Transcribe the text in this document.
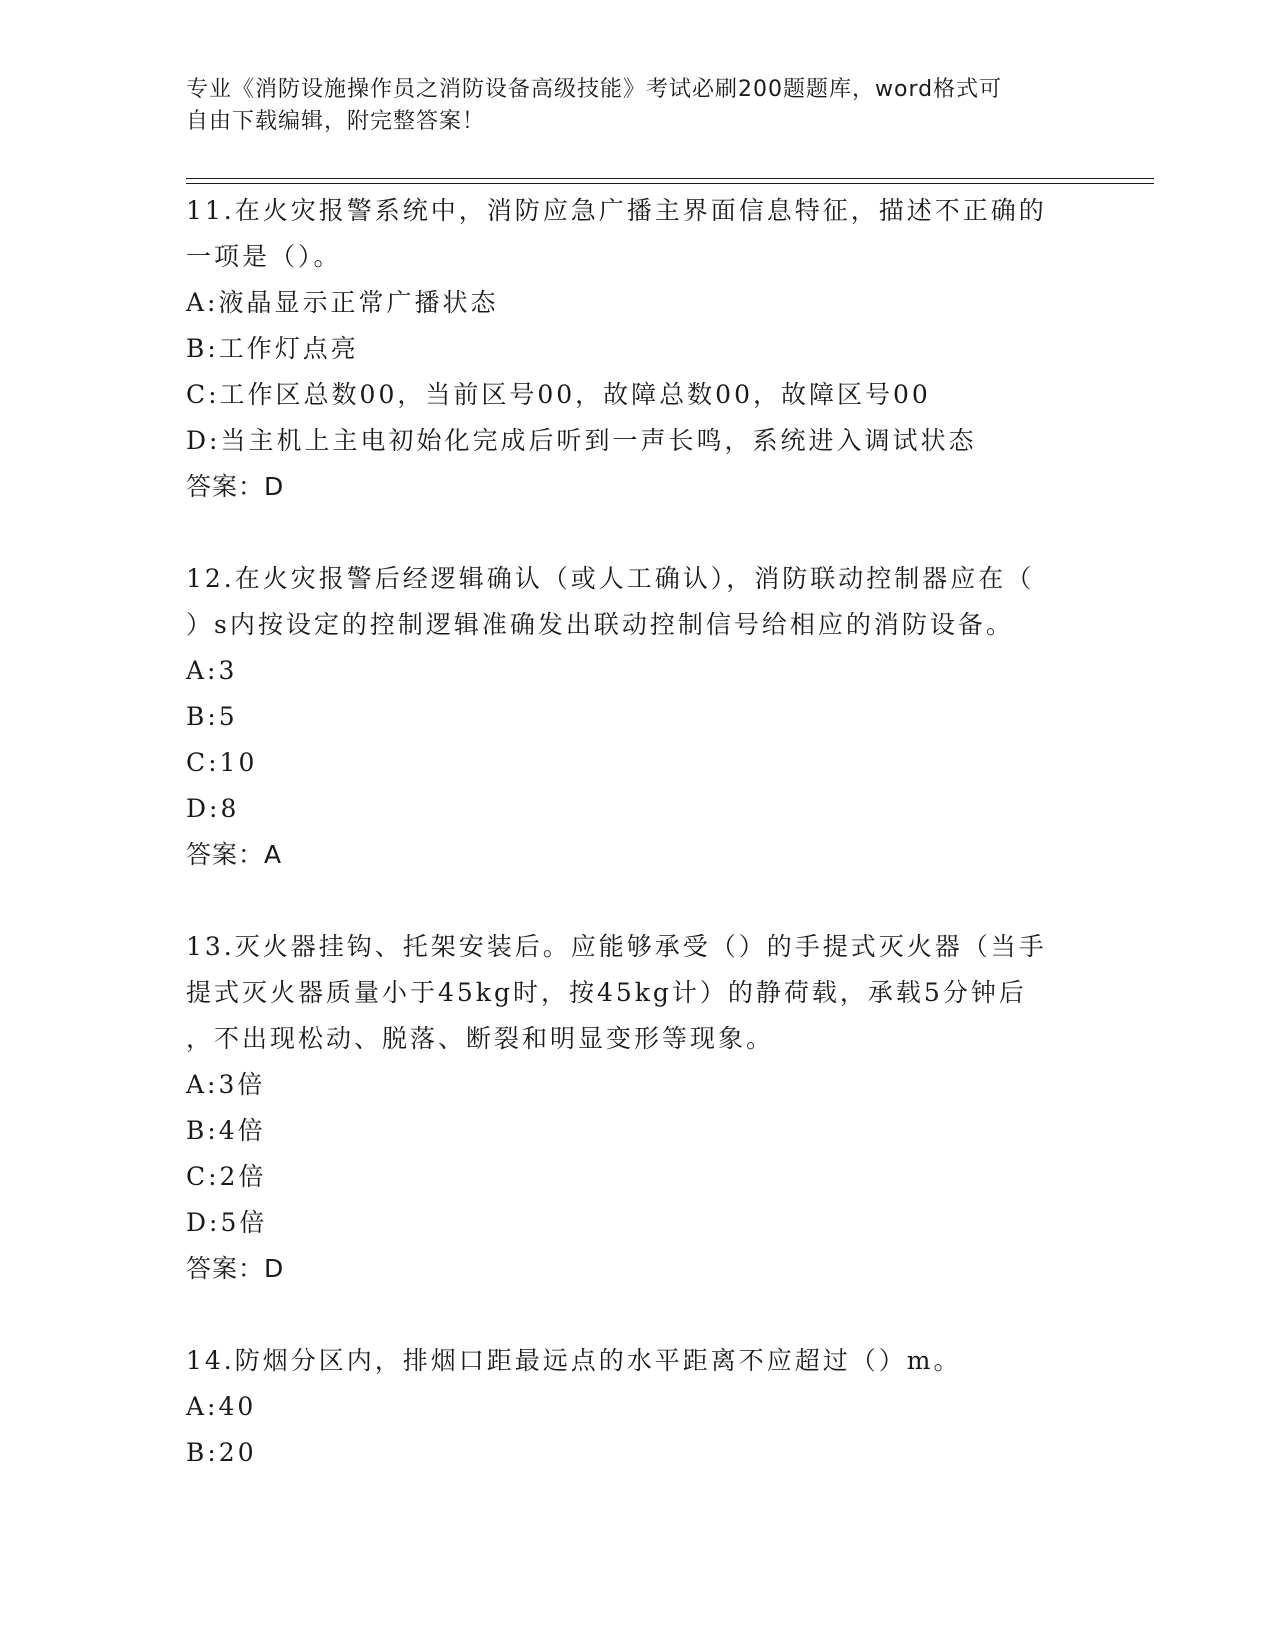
专业《消防设施操作员之消防设备高级技能》考试必刷200题题库，word格式可
自由下载编辑，附完整答案！
11.在火灾报警系统中，消防应急广播主界面信息特征，描述不正确的
一项是（）。
A:液晶显示正常广播状态
B:工作灯点亮
C:工作区总数00，当前区号00，故障总数00，故障区号00
D:当主机上主电初始化完成后听到一声长鸣，系统进入调试状态
答案：D
12.在火灾报警后经逻辑确认（或人工确认），消防联动控制器应在（
）s内按设定的控制逻辑准确发出联动控制信号给相应的消防设备。
A:3
B:5
C:10
D:8
答案：A
13.灭火器挂钩、托架安装后。应能够承受（）的手提式灭火器（当手
提式灭火器质量小于45kg时，按45kg计）的静荷载，承载5分钟后
，不出现松动、脱落、断裂和明显变形等现象。
A:3倍
B:4倍
C:2倍
D:5倍
答案：D
14.防烟分区内，排烟口距最远点的水平距离不应超过（）m。
A:40
B:20
